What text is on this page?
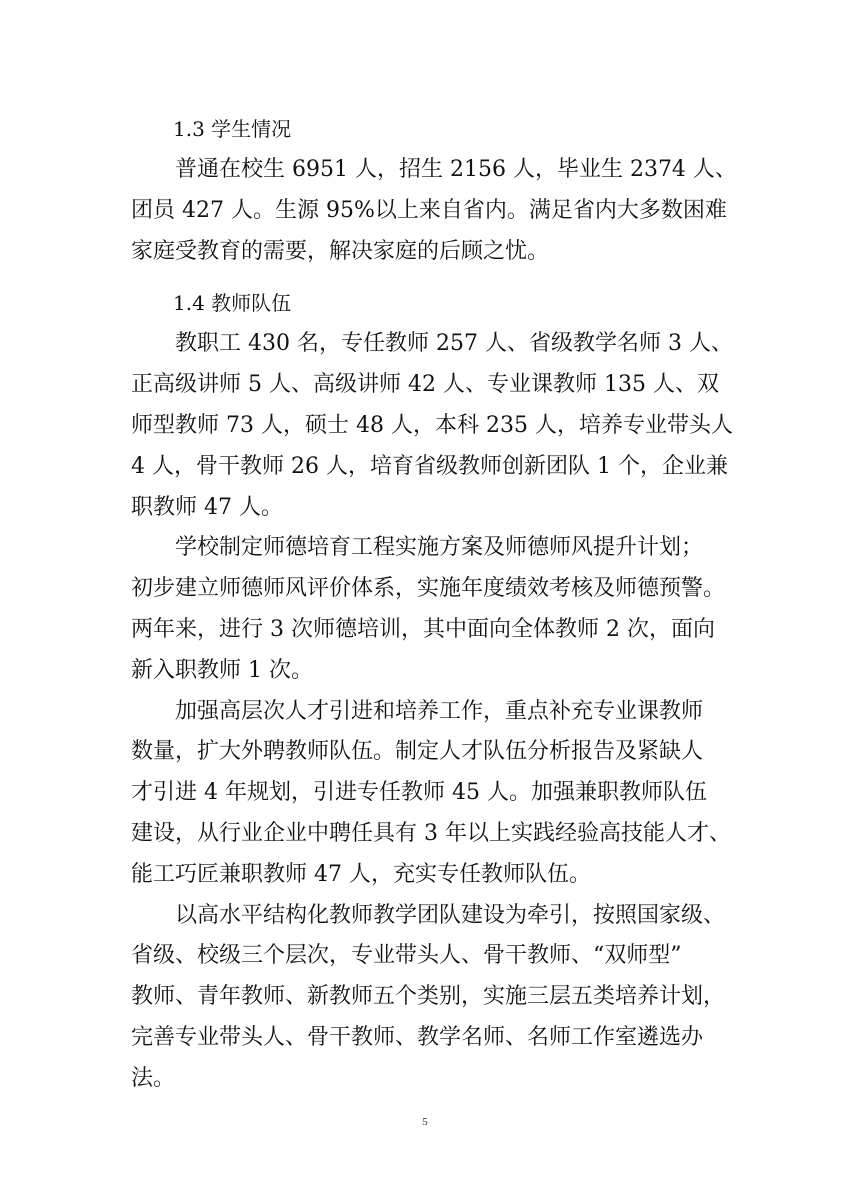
1.3 学生情况
普通在校生 6951 人，招生 2156 人，毕业生 2374 人、
团员 427 人。生源 95%以上来自省内。满足省内大多数困难
家庭受教育的需要，解决家庭的后顾之忧。
1.4 教师队伍
教职工 430 名，专任教师 257 人、省级教学名师 3 人、
正高级讲师 5 人、高级讲师 42 人、专业课教师 135 人、双
师型教师 73 人，硕士 48 人，本科 235 人，培养专业带头人
4 人，骨干教师 26 人，培育省级教师创新团队 1 个，企业兼
职教师 47 人。
学校制定师德培育工程实施方案及师德师风提升计划；
初步建立师德师风评价体系，实施年度绩效考核及师德预警。
两年来，进行 3 次师德培训，其中面向全体教师 2 次，面向
新入职教师 1 次。
加强高层次人才引进和培养工作，重点补充专业课教师
数量，扩大外聘教师队伍。制定人才队伍分析报告及紧缺人
才引进 4 年规划，引进专任教师 45 人。加强兼职教师队伍
建设，从行业企业中聘任具有 3 年以上实践经验高技能人才、
能工巧匠兼职教师 47 人，充实专任教师队伍。
以高水平结构化教师教学团队建设为牵引，按照国家级、
省级、校级三个层次，专业带头人、骨干教师、“双师型”
教师、青年教师、新教师五个类别，实施三层五类培养计划，
完善专业带头人、骨干教师、教学名师、名师工作室遴选办
法。
5
